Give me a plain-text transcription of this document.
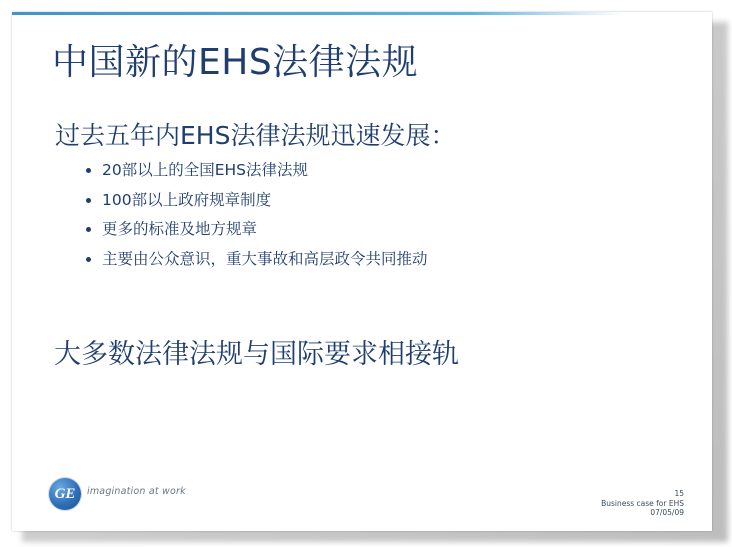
中国新的EHS法律法规
过去五年内EHS法律法规迅速发展：
20部以上的全国EHS法律法规
100部以上政府规章制度
更多的标准及地方规章
主要由公众意识，重大事故和高层政令共同推动
大多数法律法规与国际要求相接轨
GE imagination at work	15
Business case for EHS
07/05/09
